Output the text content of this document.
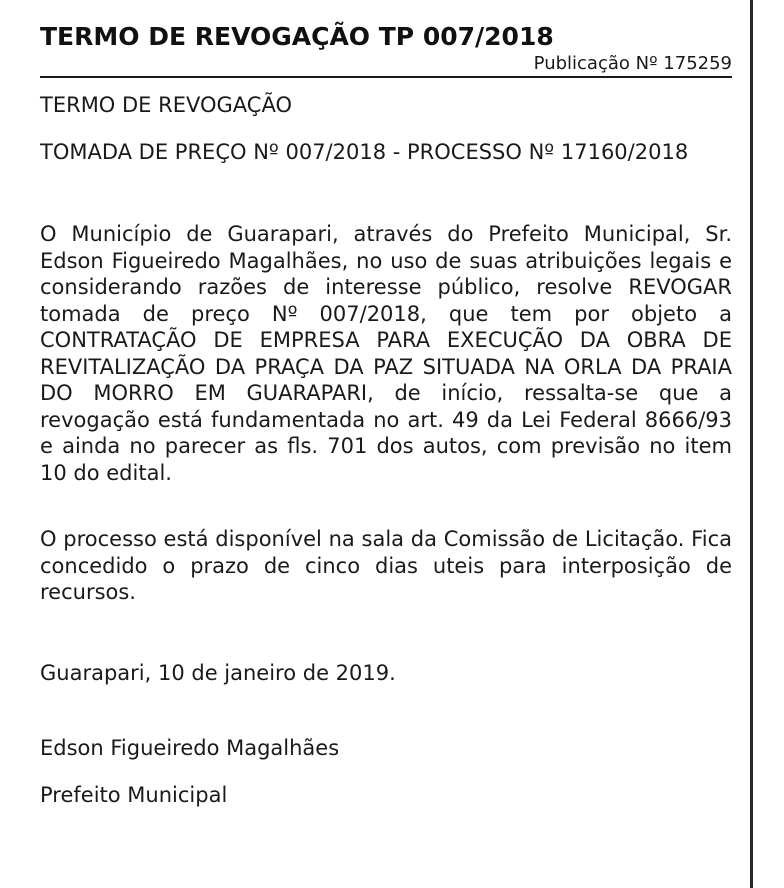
TERMO DE REVOGAÇÃO TP 007/2018
Publicação Nº 175259

TERMO DE REVOGAÇÃO

TOMADA DE PREÇO Nº 007/2018 - PROCESSO Nº 17160/2018

O Município de Guarapari, através do Prefeito Municipal, Sr. Edson Figueiredo Magalhães, no uso de suas atribuições legais e considerando razões de interesse público, resolve REVOGAR tomada de preço Nº 007/2018, que tem por objeto a CONTRATAÇÃO DE EMPRESA PARA EXECUÇÃO DA OBRA DE REVITALIZAÇÃO DA PRAÇA DA PAZ SITUADA NA ORLA DA PRAIA DO MORRO EM GUARAPARI, de início, ressalta-se que a revogação está fundamentada no art. 49 da Lei Federal 8666/93 e ainda no parecer as fls. 701 dos autos, com previsão no item 10 do edital.

O processo está disponível na sala da Comissão de Licitação. Fica concedido o prazo de cinco dias uteis para interposição de recursos.

Guarapari, 10 de janeiro de 2019.

Edson Figueiredo Magalhães

Prefeito Municipal
